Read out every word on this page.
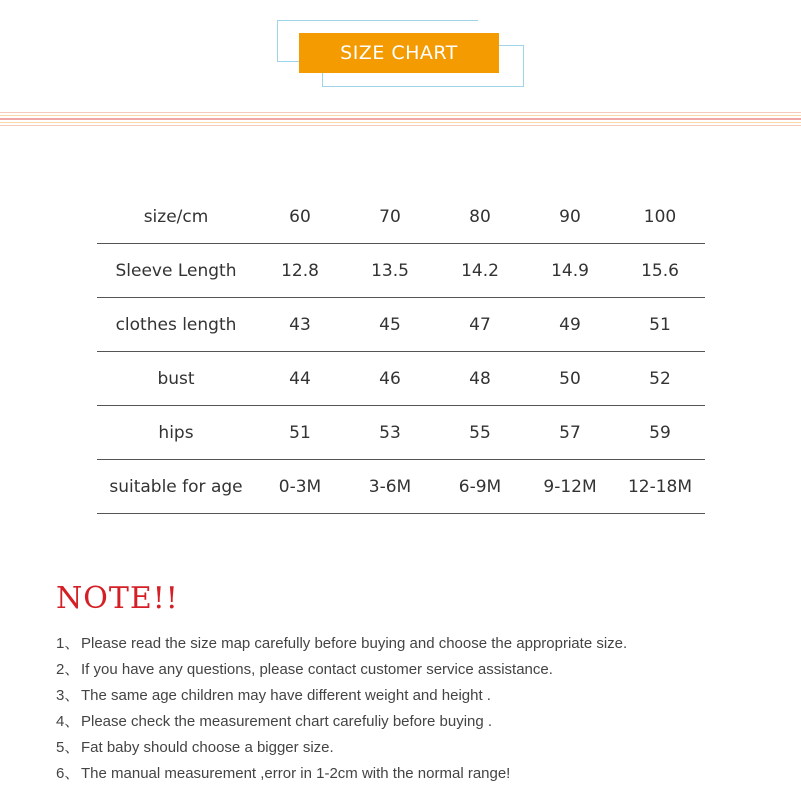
SIZE CHART
size/cm	60	70	80	90	100
Sleeve Length	12.8	13.5	14.2	14.9	15.6
clothes length	43	45	47	49	51
bust	44	46	48	50	52
hips	51	53	55	57	59
suitable for age	0-3M	3-6M	6-9M	9-12M	12-18M
NOTE!!
1、 Please read the size map carefully before buying and choose the appropriate size.
2、 If you have any questions, please contact customer service assistance.
3、 The same age children may have different weight and height .
4、 Please check the measurement chart carefuliy before buying .
5、 Fat baby should choose a bigger size.
6、 The manual measurement ,error in 1-2cm with the normal range!
